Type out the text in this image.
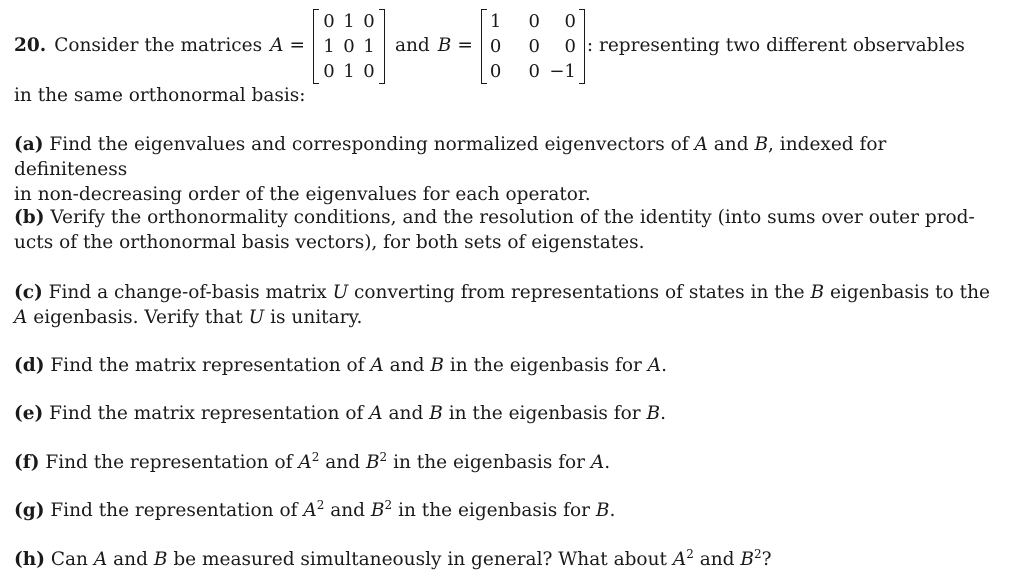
20. Consider the matrices A =
0	1	0
1	0	1
0	1	0
and B =
1	0	0
0	0	0
0	0	−1
: representing two different observables
in the same orthonormal basis:
(a) Find the eigenvalues and corresponding normalized eigenvectors of A and B, indexed for definiteness
in non-decreasing order of the eigenvalues for each operator.
(b) Verify the orthonormality conditions, and the resolution of the identity (into sums over outer prod-
ucts of the orthonormal basis vectors), for both sets of eigenstates.
(c) Find a change-of-basis matrix U converting from representations of states in the B eigenbasis to the
A eigenbasis. Verify that U is unitary.
(d) Find the matrix representation of A and B in the eigenbasis for A.
(e) Find the matrix representation of A and B in the eigenbasis for B.
(f) Find the representation of $A^2$ and $B^2$ in the eigenbasis for A.
(g) Find the representation of $A^2$ and $B^2$ in the eigenbasis for B.
(h) Can A and B be measured simultaneously in general? What about $A^2$ and $B^2$?
